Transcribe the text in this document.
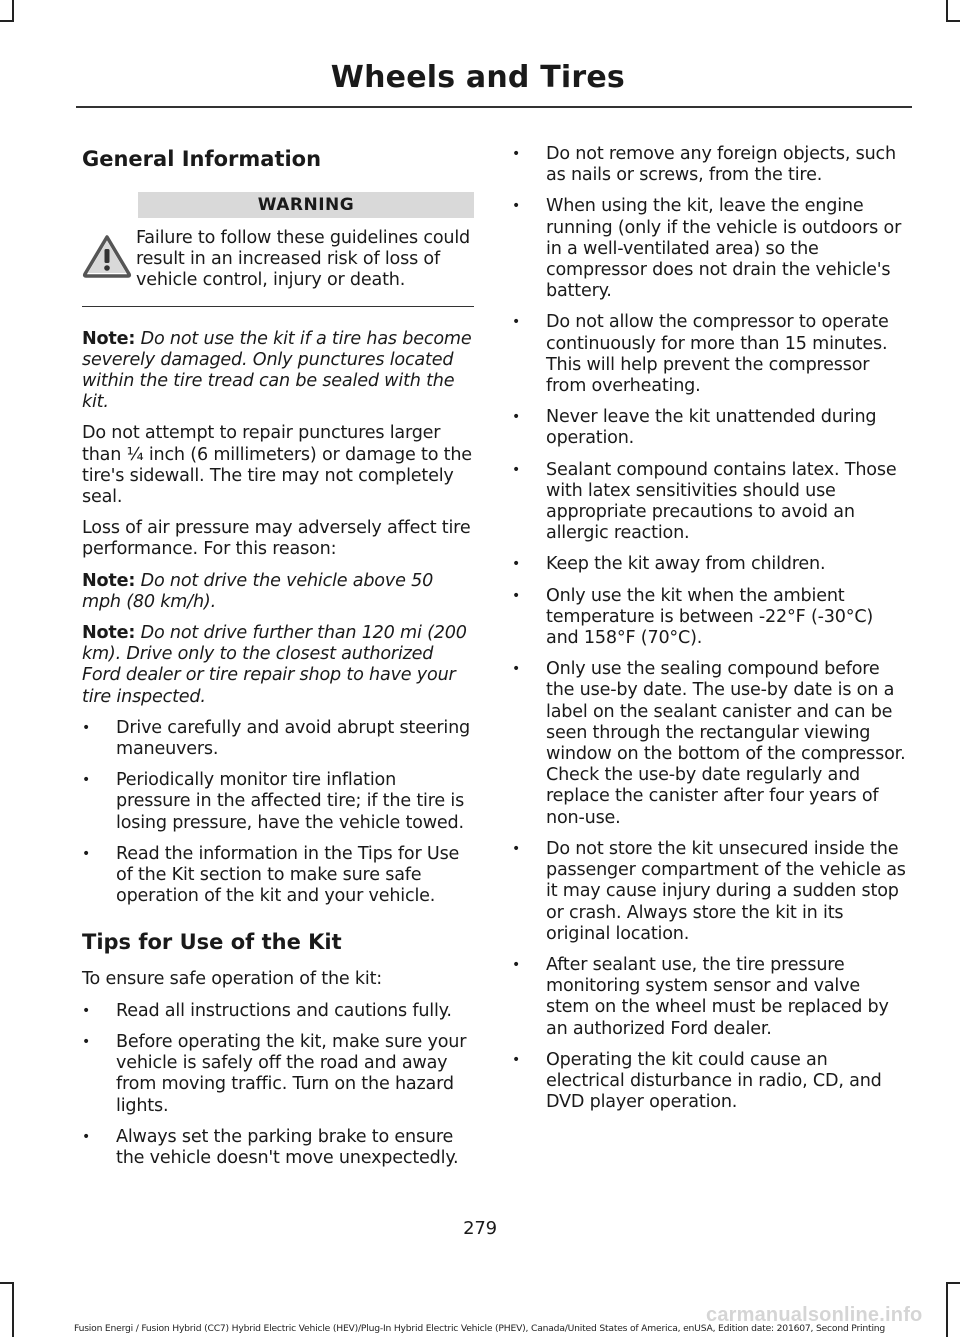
Wheels and Tires
General Information
WARNING

Failure to follow these guidelines could result in an increased risk of loss of vehicle control, injury or death.

Note: Do not use the kit if a tire has become severely damaged. Only punctures located within the tire tread can be sealed with the kit.

Do not attempt to repair punctures larger than ¼ inch (6 millimeters) or damage to the tire's sidewall. The tire may not completely seal.

Loss of air pressure may adversely affect tire performance. For this reason:

Note: Do not drive the vehicle above 50 mph (80 km/h).

Note: Do not drive further than 120 mi (200 km). Drive only to the closest authorized Ford dealer or tire repair shop to have your tire inspected.

• Drive carefully and avoid abrupt steering maneuvers.
• Periodically monitor tire inflation pressure in the affected tire; if the tire is losing pressure, have the vehicle towed.
• Read the information in the Tips for Use of the Kit section to make sure safe operation of the kit and your vehicle.
Tips for Use of the Kit

To ensure safe operation of the kit:

• Read all instructions and cautions fully.
• Before operating the kit, make sure your vehicle is safely off the road and away from moving traffic. Turn on the hazard lights.
• Always set the parking brake to ensure the vehicle doesn't move unexpectedly.
• Do not remove any foreign objects, such as nails or screws, from the tire.
• When using the kit, leave the engine running (only if the vehicle is outdoors or in a well-ventilated area) so the compressor does not drain the vehicle's battery.
• Do not allow the compressor to operate continuously for more than 15 minutes. This will help prevent the compressor from overheating.
• Never leave the kit unattended during operation.
• Sealant compound contains latex. Those with latex sensitivities should use appropriate precautions to avoid an allergic reaction.
• Keep the kit away from children.
• Only use the kit when the ambient temperature is between -22°F (-30°C) and 158°F (70°C).
• Only use the sealing compound before the use-by date. The use-by date is on a label on the sealant canister and can be seen through the rectangular viewing window on the bottom of the compressor. Check the use-by date regularly and replace the canister after four years of non-use.
• Do not store the kit unsecured inside the passenger compartment of the vehicle as it may cause injury during a sudden stop or crash. Always store the kit in its original location.
• After sealant use, the tire pressure monitoring system sensor and valve stem on the wheel must be replaced by an authorized Ford dealer.
• Operating the kit could cause an electrical disturbance in radio, CD, and DVD player operation.

279

Fusion Energi / Fusion Hybrid (CC7) Hybrid Electric Vehicle (HEV)/Plug-In Hybrid Electric Vehicle (PHEV), Canada/United States of America, enUSA, Edition date: 201607, Second Printing

carmanualsonline.info
